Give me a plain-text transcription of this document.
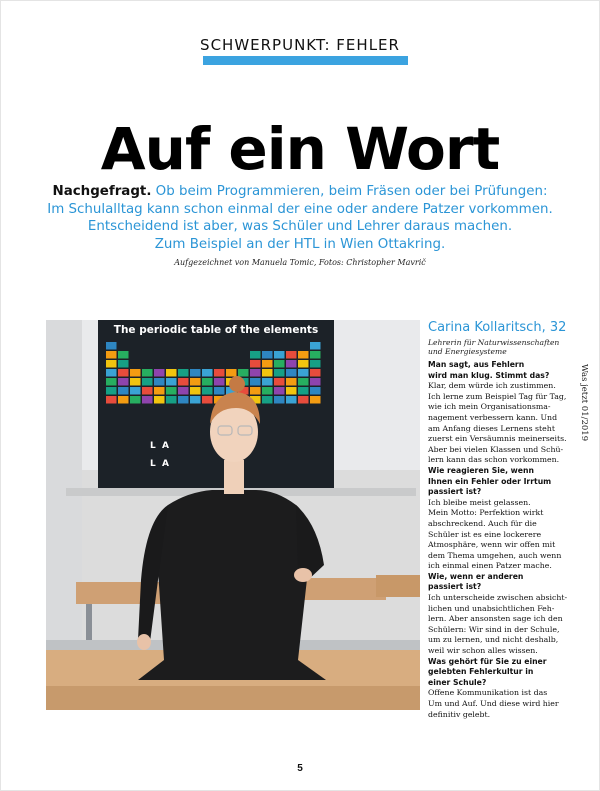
SCHWERPUNKT: FEHLER
Auf ein Wort
Nachgefragt. Ob beim Programmieren, beim Fräsen oder bei Prüfungen:
Im Schulalltag kann schon einmal der eine oder andere Patzer vorkommen.
Entscheidend ist aber, was Schüler und Lehrer daraus machen.
Zum Beispiel an der HTL in Wien Ottakring.
Aufgezeichnet von Manuela Tomic, Fotos: Christopher Mavrič
The periodic table of the elements
L A
L A
Carina Kollaritsch, 32
Lehrerin für Naturwissenschaften
und Energiesysteme
Man sagt, aus Fehlern
wird man klug. Stimmt das?
Klar, dem würde ich zustimmen.
Ich lerne zum Beispiel Tag für Tag,
wie ich mein Organisationsma-
nagement verbessern kann. Und
am Anfang dieses Lernens steht
zuerst ein Versäumnis meinerseits.
Aber bei vielen Klassen und Schü-
lern kann das schon vorkommen.
Wie reagieren Sie, wenn
Ihnen ein Fehler oder Irrtum
passiert ist?
Ich bleibe meist gelassen.
Mein Motto: Perfektion wirkt
abschreckend. Auch für die
Schüler ist es eine lockerere
Atmosphäre, wenn wir offen mit
dem Thema umgehen, auch wenn
ich einmal einen Patzer mache.
Wie, wenn er anderen
passiert ist?
Ich unterscheide zwischen absicht-
lichen und unabsichtlichen Feh-
lern. Aber ansonsten sage ich den
Schülern: Wir sind in der Schule,
um zu lernen, und nicht deshalb,
weil wir schon alles wissen.
Was gehört für Sie zu einer
gelebten Fehlerkultur in
einer Schule?
Offene Kommunikation ist das
Um und Auf. Und diese wird hier
definitiv gelebt.
Was jetzt 01/2019
5
